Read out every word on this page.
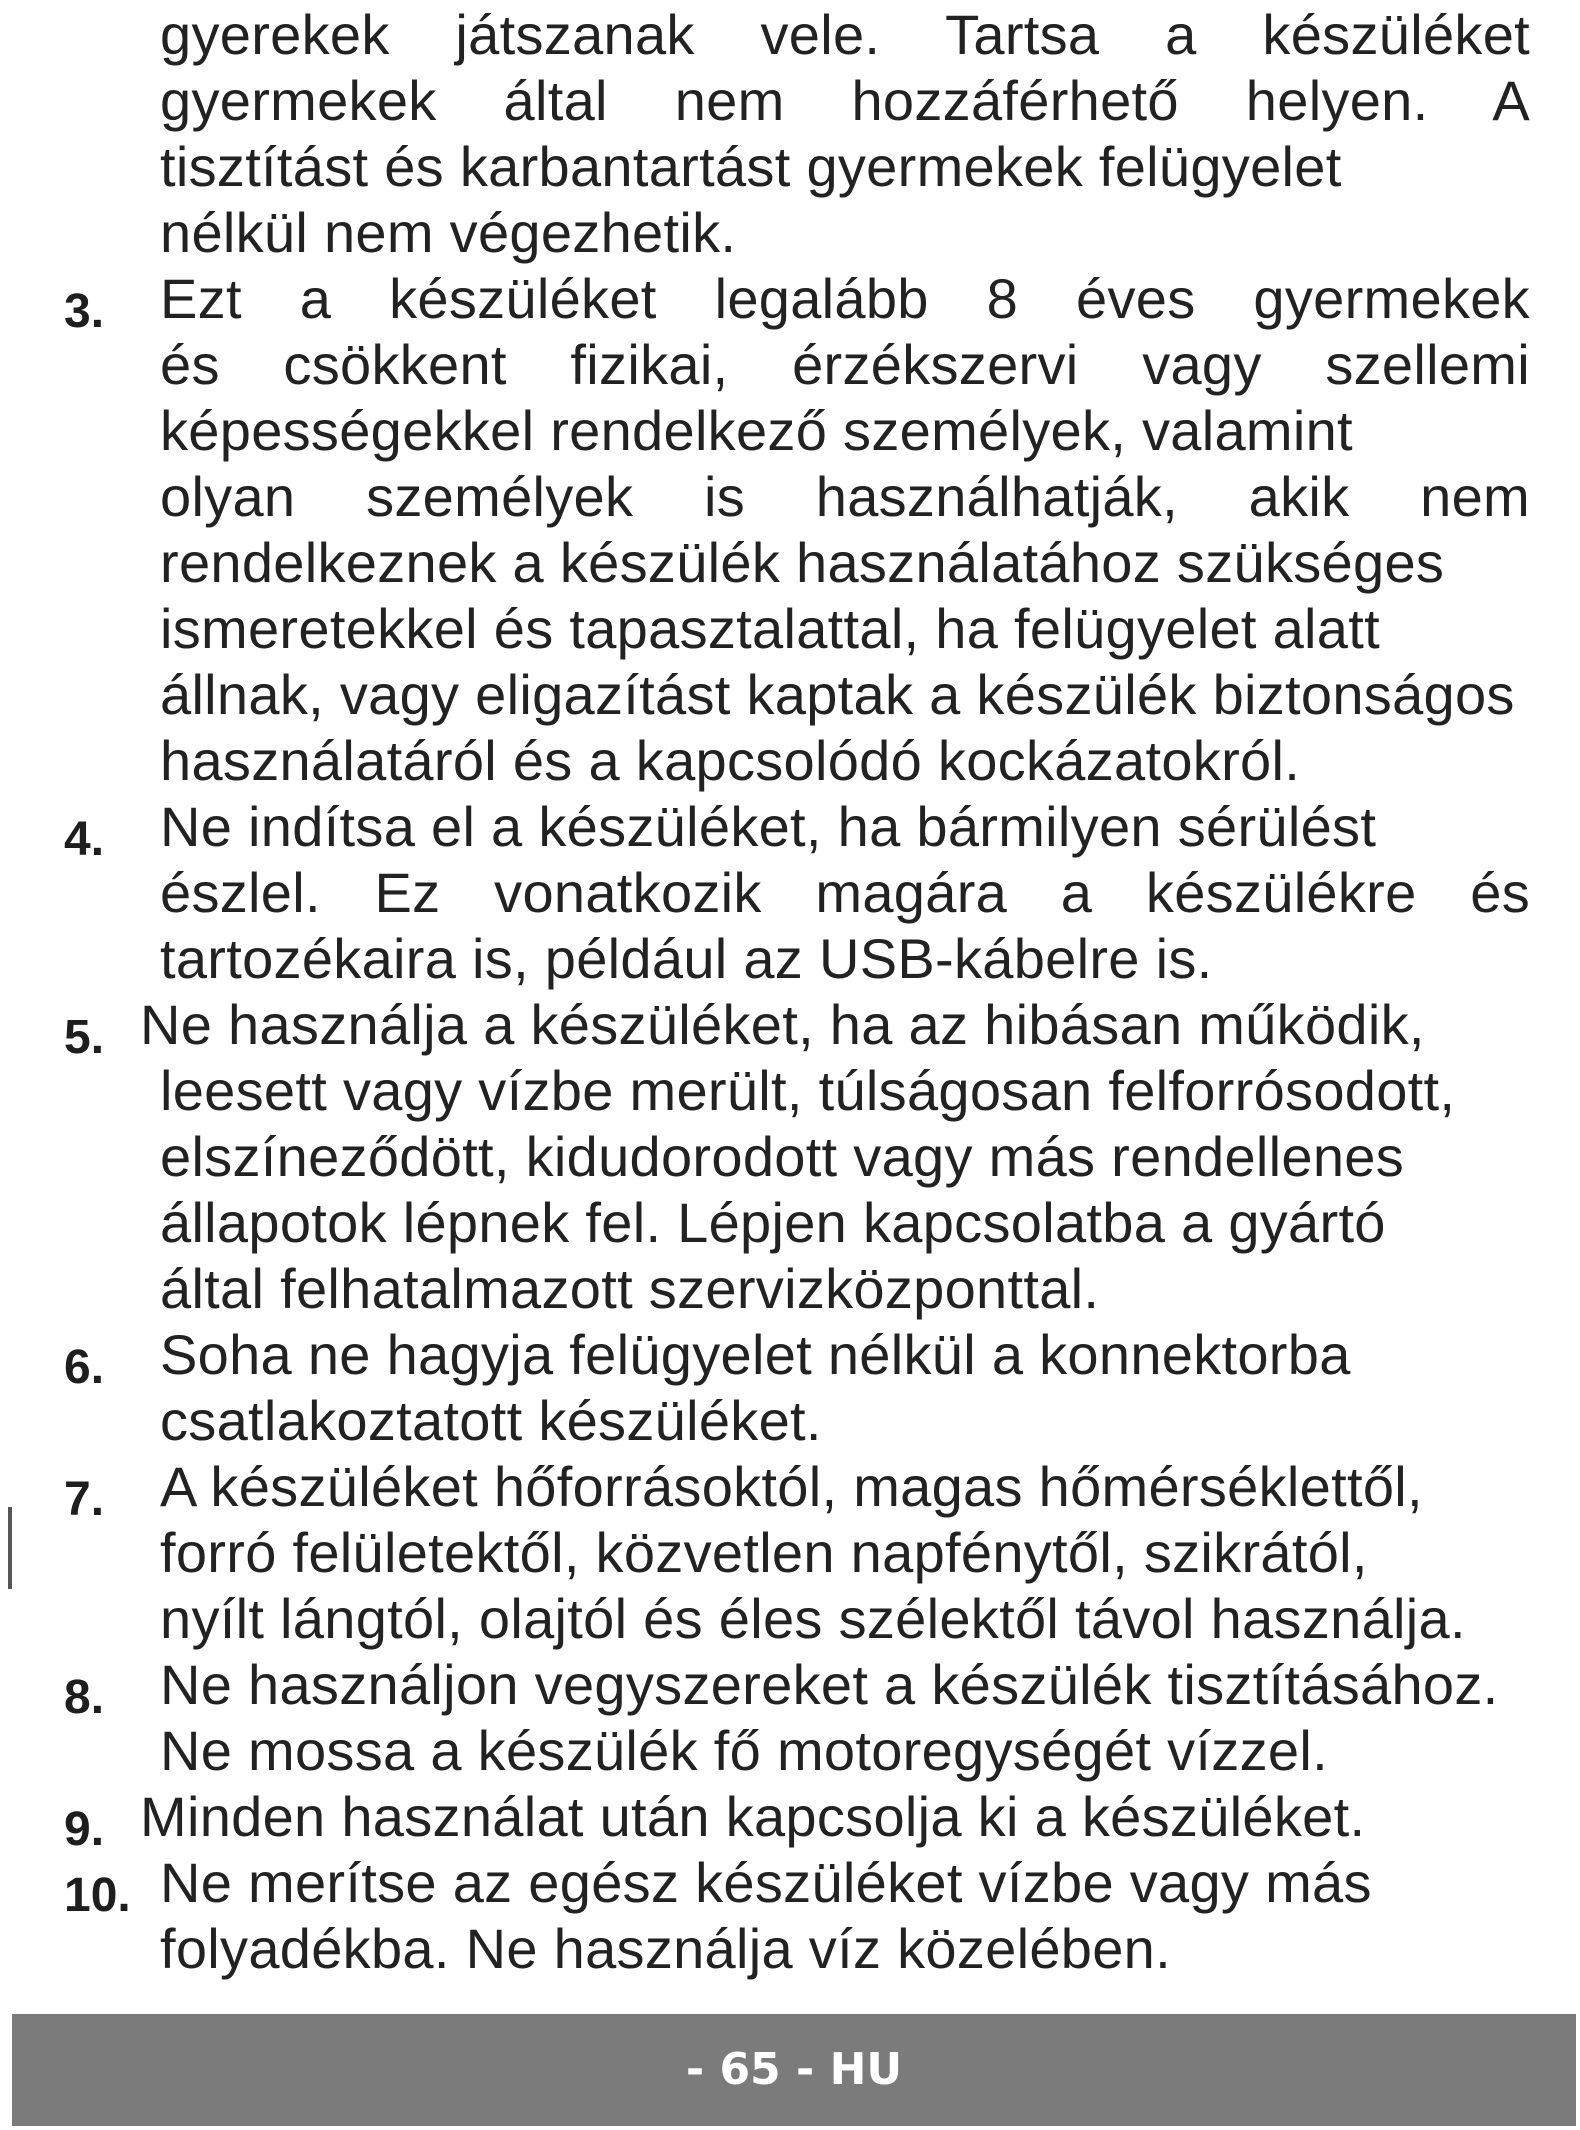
gyerekek játszanak vele. Tartsa a készüléket
gyermekek által nem hozzáférhető helyen. A
tisztítást és karbantartást gyermekek felügyelet
nélkül nem végezhetik.
3. Ezt a készüléket legalább 8 éves gyermekek
és csökkent fizikai, érzékszervi vagy szellemi
képességekkel rendelkező személyek, valamint
olyan személyek is használhatják, akik nem
rendelkeznek a készülék használatához szükséges
ismeretekkel és tapasztalattal, ha felügyelet alatt
állnak, vagy eligazítást kaptak a készülék biztonságos
használatáról és a kapcsolódó kockázatokról.
4. Ne indítsa el a készüléket, ha bármilyen sérülést
észlel. Ez vonatkozik magára a készülékre és
tartozékaira is, például az USB-kábelre is.
5. Ne használja a készüléket, ha az hibásan működik,
leesett vagy vízbe merült, túlságosan felforrósodott,
elszíneződött, kidudorodott vagy más rendellenes
állapotok lépnek fel. Lépjen kapcsolatba a gyártó
által felhatalmazott szervizközponttal.
6. Soha ne hagyja felügyelet nélkül a konnektorba
csatlakoztatott készüléket.
7. A készüléket hőforrásoktól, magas hőmérséklettől,
forró felületektől, közvetlen napfénytől, szikrától,
nyílt lángtól, olajtól és éles szélektől távol használja.
8. Ne használjon vegyszereket a készülék tisztításához.
Ne mossa a készülék fő motoregységét vízzel.
9. Minden használat után kapcsolja ki a készüléket.
10. Ne merítse az egész készüléket vízbe vagy más
folyadékba. Ne használja víz közelében.
- 65 - HU
